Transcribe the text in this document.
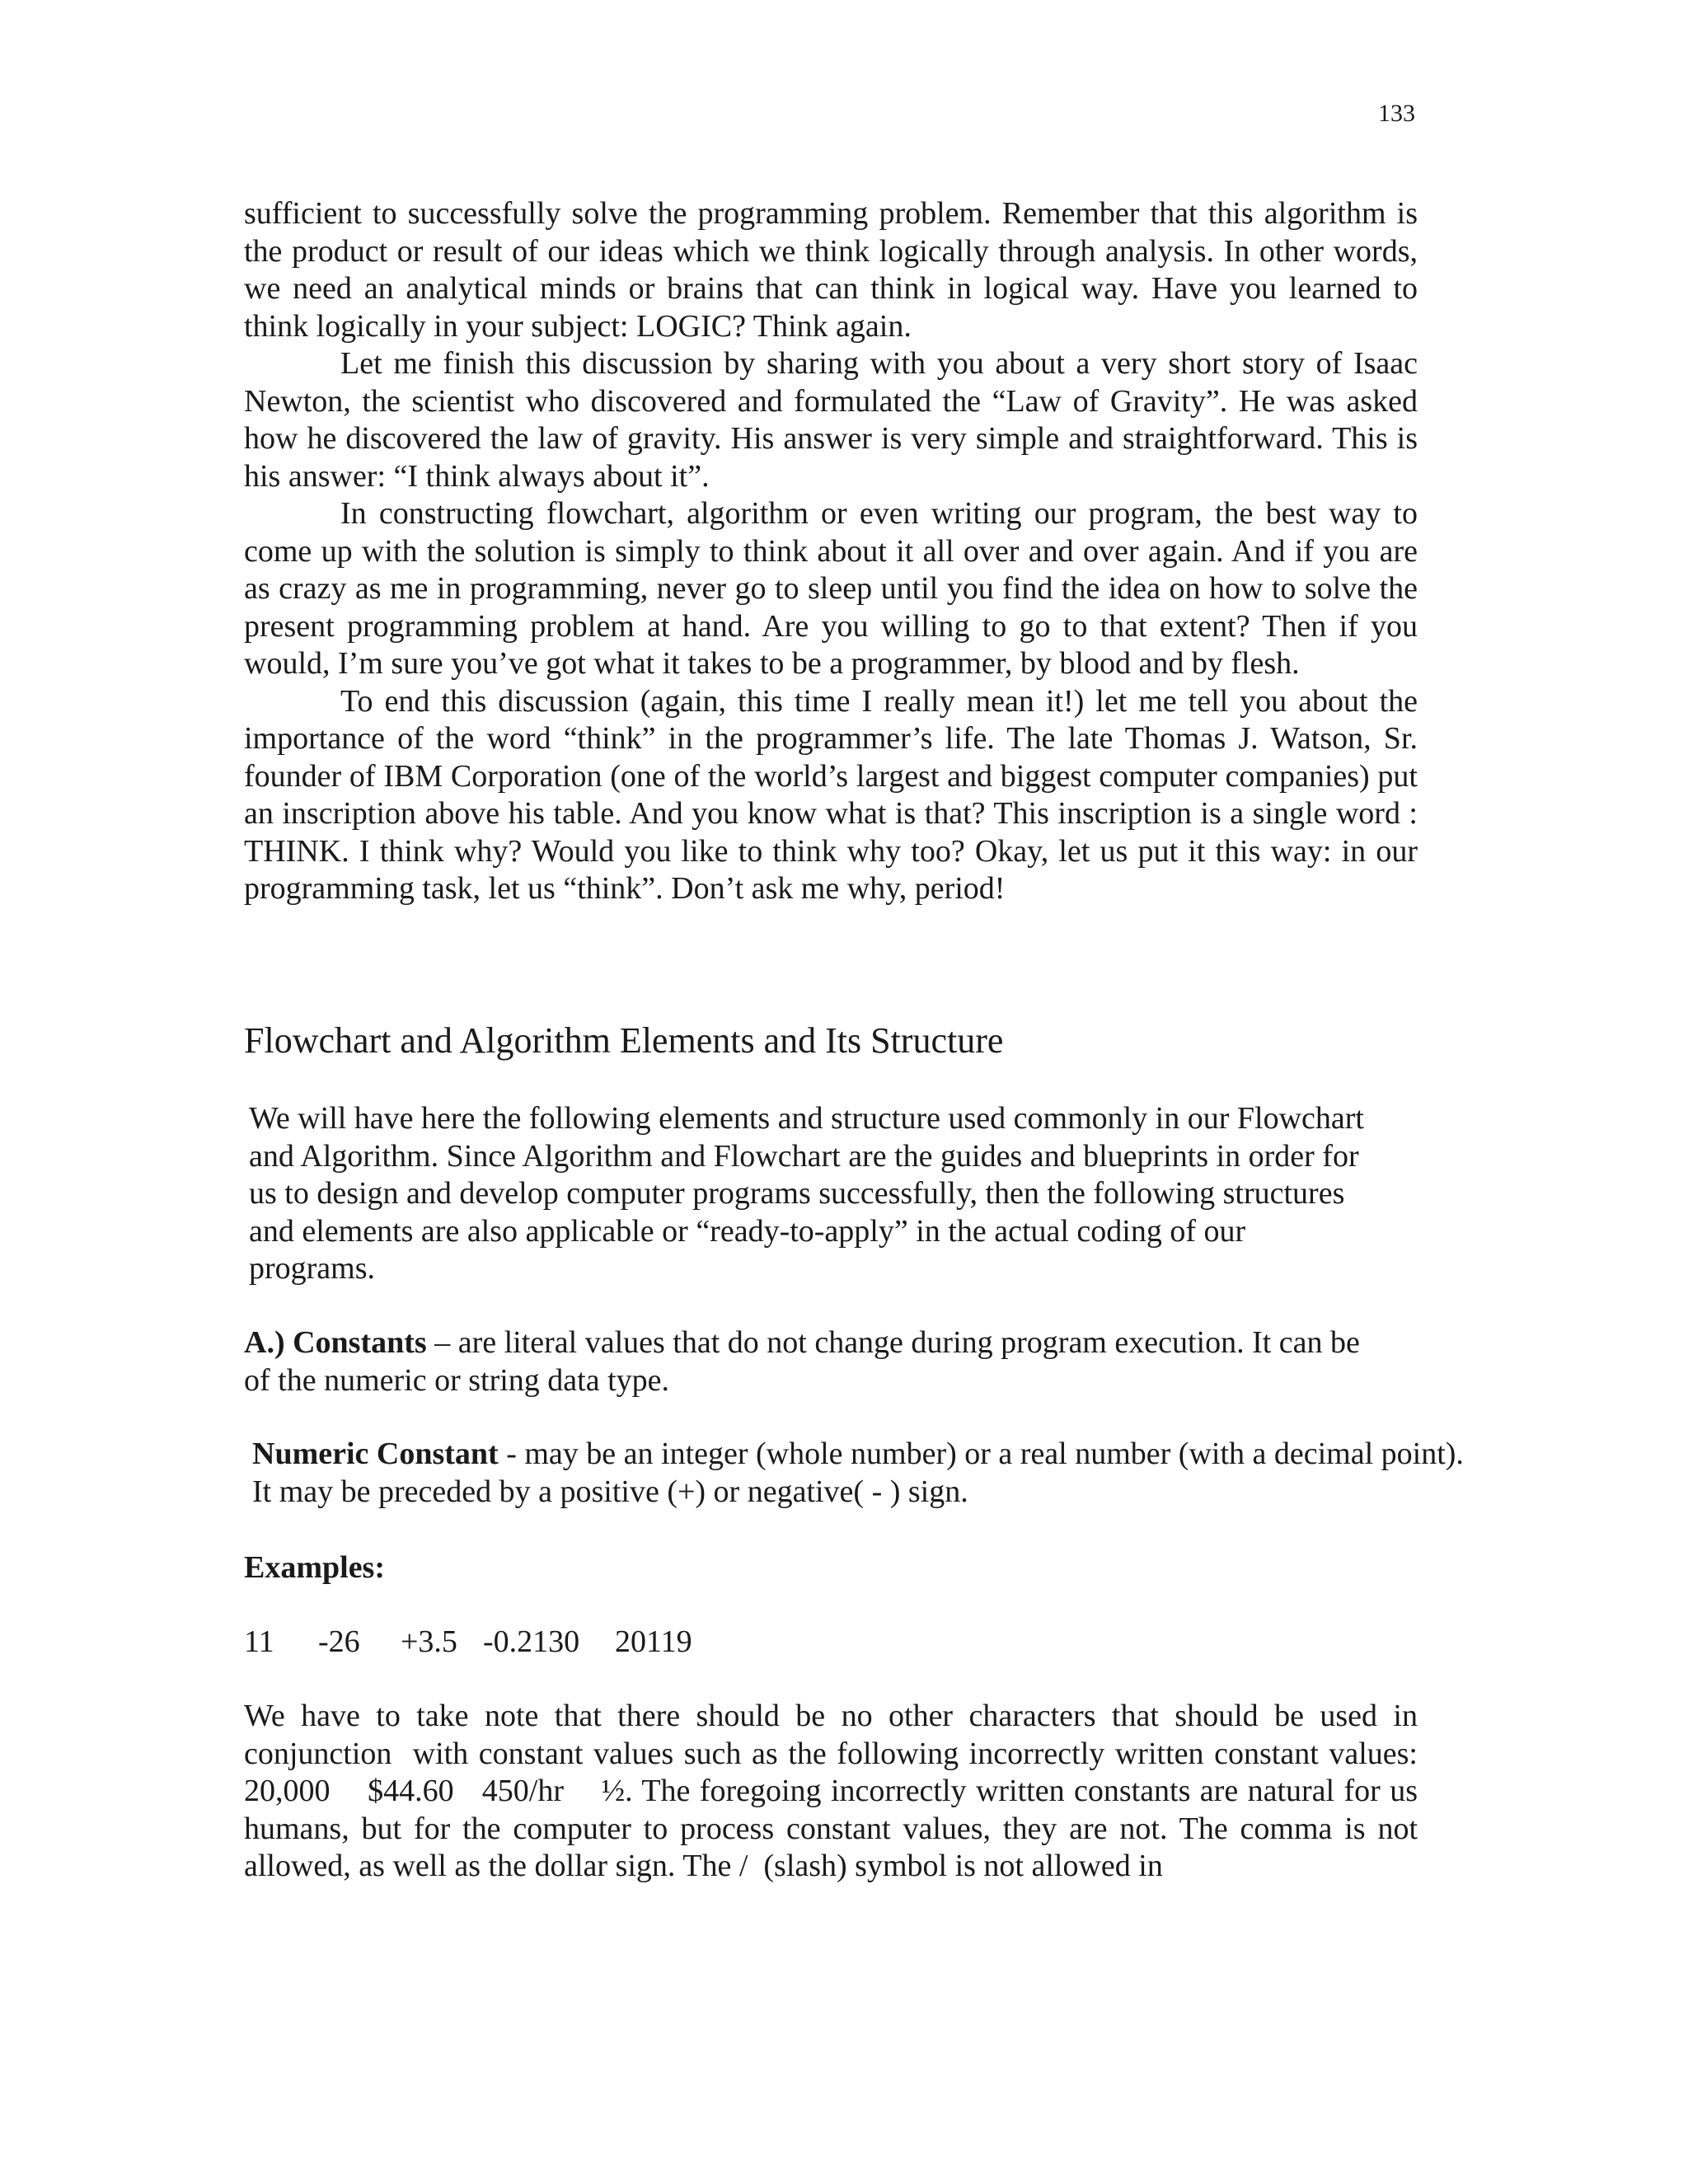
133

sufficient to successfully solve the programming problem. Remember that this algorithm is the product or result of our ideas which we think logically through analysis. In other words, we need an analytical minds or brains that can think in logical way. Have you learned to think logically in your subject: LOGIC? Think again.

Let me finish this discussion by sharing with you about a very short story of Isaac Newton, the scientist who discovered and formulated the “Law of Gravity”. He was asked how he discovered the law of gravity. His answer is very simple and straightforward. This is his answer: “I think always about it”.

In constructing flowchart, algorithm or even writing our program, the best way to come up with the solution is simply to think about it all over and over again. And if you are as crazy as me in programming, never go to sleep until you find the idea on how to solve the present programming problem at hand. Are you willing to go to that extent? Then if you would, I’m sure you’ve got what it takes to be a programmer, by blood and by flesh.

To end this discussion (again, this time I really mean it!) let me tell you about the importance of the word “think” in the programmer’s life. The late Thomas J. Watson, Sr. founder of IBM Corporation (one of the world’s largest and biggest computer companies) put an inscription above his table. And you know what is that? This inscription is a single word : THINK. I think why? Would you like to think why too? Okay, let us put it this way: in our programming task, let us “think”. Don’t ask me why, period!

Flowchart and Algorithm Elements and Its Structure
We will have here the following elements and structure used commonly in our Flowchart
and Algorithm. Since Algorithm and Flowchart are the guides and blueprints in order for
us to design and develop computer programs successfully, then the following structures
and elements are also applicable or “ready-to-apply” in the actual coding of our
programs.
A.) Constants – are literal values that do not change during program execution. It can be
of the numeric or string data type.
Numeric Constant - may be an integer (whole number) or a real number (with a decimal point).
It may be preceded by a positive (+) or negative( - ) sign.
Examples:
11 -26 +3.5 -0.2130 20119

We have to take note that there should be no other characters that should be used in conjunction  with constant values such as the following incorrectly written constant values: 20,000    $44.60   450/hr    ½. The foregoing incorrectly written constants are natural for us humans, but for the computer to process constant values, they are not. The comma is not allowed, as well as the dollar sign. The /  (slash) symbol is not allowed in
